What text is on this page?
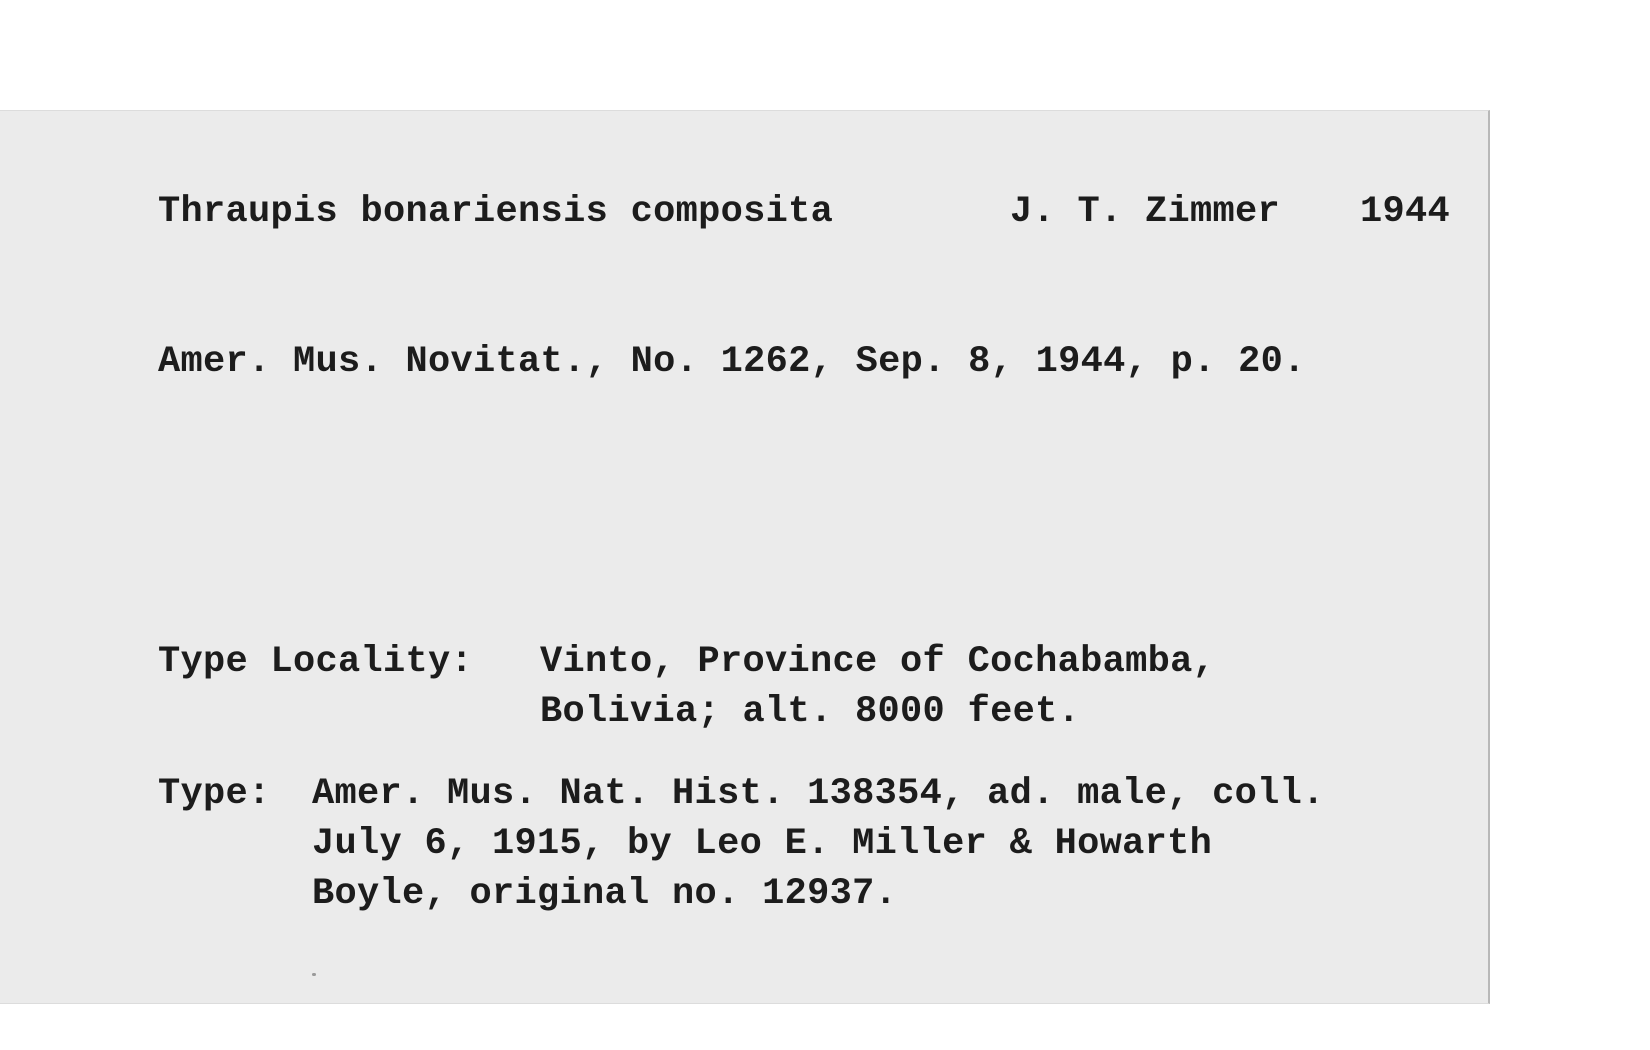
Thraupis bonariensis composita	J. T. Zimmer 1944
Amer. Mus. Novitat., No. 1262, Sep. 8, 1944, p. 20.
Type Locality: Vinto, Province of Cochabamba,
Bolivia; alt. 8000 feet.
Type: Amer. Mus. Nat. Hist. 138354, ad. male, coll.
July 6, 1915, by Leo E. Miller & Howarth
Boyle, original no. 12937.
